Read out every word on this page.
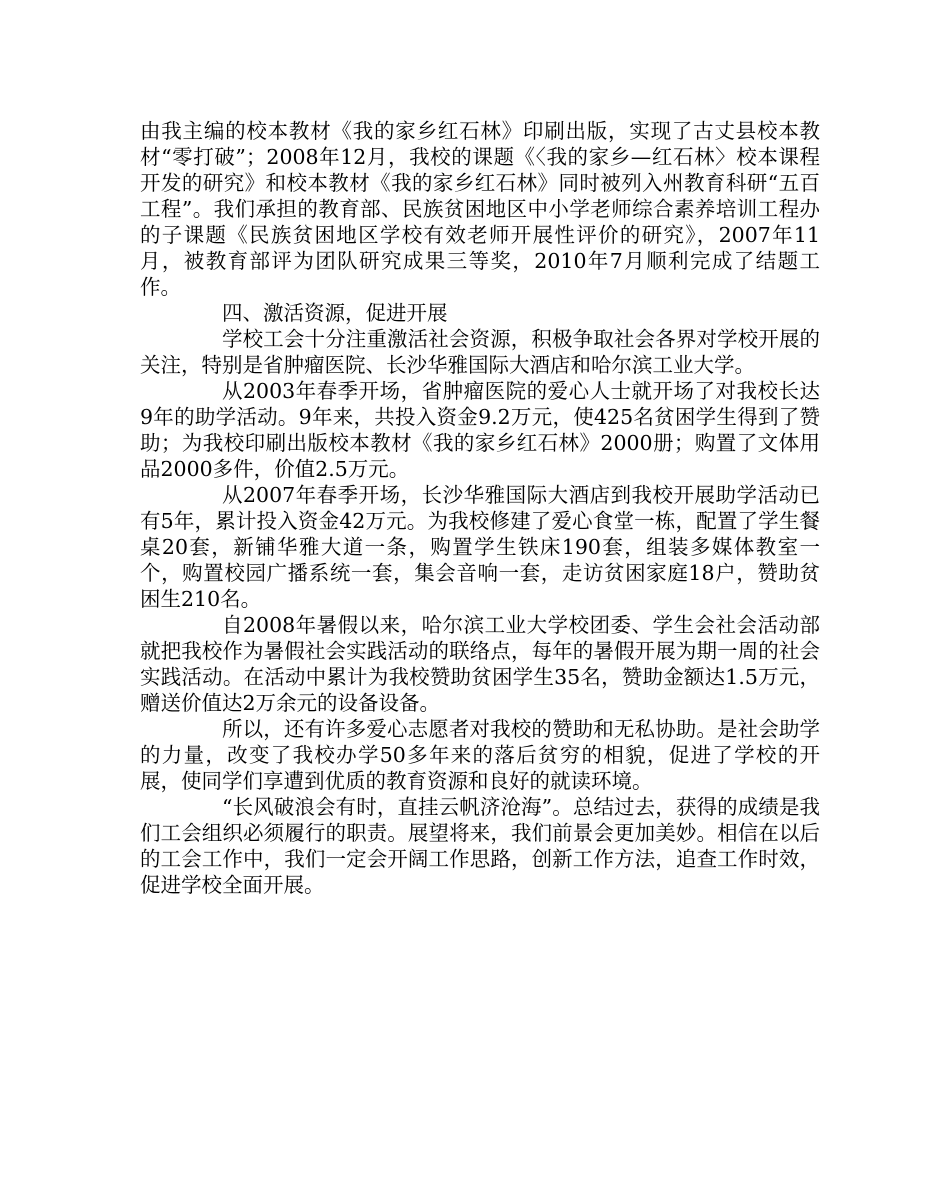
由我主编的校本教材《我的家乡红石林》印刷出版，实现了古丈县校本教材“零打破”；2008年12月，我校的课题《〈我的家乡—红石林〉校本课程开发的研究》和校本教材《我的家乡红石林》同时被列入州教育科研“五百工程”。我们承担的教育部、民族贫困地区中小学老师综合素养培训工程办的子课题《民族贫困地区学校有效老师开展性评价的研究》，2007年11月，被教育部评为团队研究成果三等奖，2010年7月顺利完成了结题工作。

四、激活资源，促进开展

学校工会十分注重激活社会资源，积极争取社会各界对学校开展的关注，特别是省肿瘤医院、长沙华雅国际大酒店和哈尔滨工业大学。

从2003年春季开场，省肿瘤医院的爱心人士就开场了对我校长达9年的助学活动。9年来，共投入资金9.2万元，使425名贫困学生得到了赞助；为我校印刷出版校本教材《我的家乡红石林》2000册；购置了文体用品2000多件，价值2.5万元。

从2007年春季开场，长沙华雅国际大酒店到我校开展助学活动已有5年，累计投入资金42万元。为我校修建了爱心食堂一栋，配置了学生餐桌20套，新铺华雅大道一条，购置学生铁床190套，组装多媒体教室一个，购置校园广播系统一套，集会音响一套，走访贫困家庭18户，赞助贫困生210名。

自2008年暑假以来，哈尔滨工业大学校团委、学生会社会活动部就把我校作为暑假社会实践活动的联络点，每年的暑假开展为期一周的社会实践活动。在活动中累计为我校赞助贫困学生35名，赞助金额达1.5万元，赠送价值达2万余元的设备设备。

所以，还有许多爱心志愿者对我校的赞助和无私协助。是社会助学的力量，改变了我校办学50多年来的落后贫穷的相貌，促进了学校的开展，使同学们享遭到优质的教育资源和良好的就读环境。

“长风破浪会有时，直挂云帆济沧海”。总结过去，获得的成绩是我们工会组织必须履行的职责。展望将来，我们前景会更加美妙。相信在以后的工会工作中，我们一定会开阔工作思路，创新工作方法，追查工作时效，促进学校全面开展。
